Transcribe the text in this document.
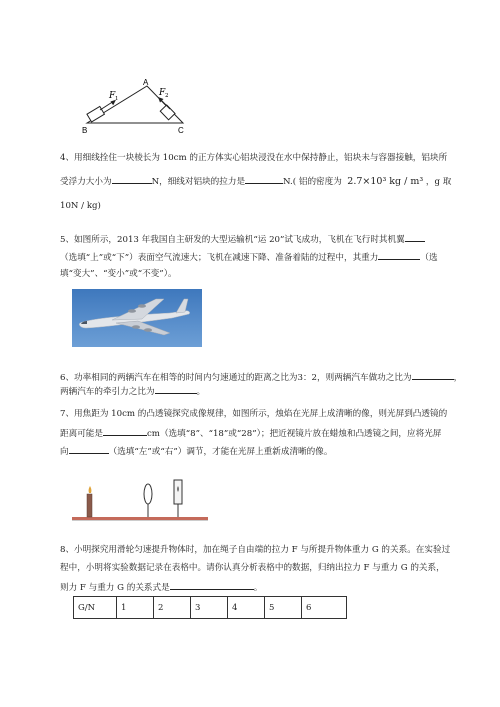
A
B	C
F 1
F 2
4、用细线拴住一块棱长为 10cm 的正方体实心铝块浸没在水中保持静止，铝块未与容器接触，铝块所
受浮力大小为	N，细线对铝块的拉力是	N.( 铝的密度为 2.7×10³ kg / m³ ，g 取
10N / kg)
5、如图所示，2013 年我国自主研发的大型运输机“运 20”试飞成功，飞机在飞行时其机翼
（选填“上”或“下”）表面空气流速大；飞机在减速下降、准备着陆的过程中，其重力	（选
填“变大”、“变小”或“不变”）。
6、功率相同的两辆汽车在相等的时间内匀速通过的距离之比为3：2，则两辆汽车做功之比为	，
两辆汽车的牵引力之比为	。
7、用焦距为 10cm 的凸透镜探究成像规律，如图所示，烛焰在光屏上成清晰的像，则光屏到凸透镜的
距离可能是	cm（选填“8”、“18”或“28”）；把近视镜片放在蜡烛和凸透镜之间，应将光屏
向	（选填“左”或“右”）调节，才能在光屏上重新成清晰的像。
8、小明探究用滑轮匀速提升物体时，加在绳子自由端的拉力 F 与所提升物体重力 G 的关系。在实验过
程中，小明将实验数据记录在表格中。请你认真分析表格中的数据，归纳出拉力 F 与重力 G 的关系，
则力 F 与重力 G 的关系式是	。
G/N	1	2	3	4	5	6
